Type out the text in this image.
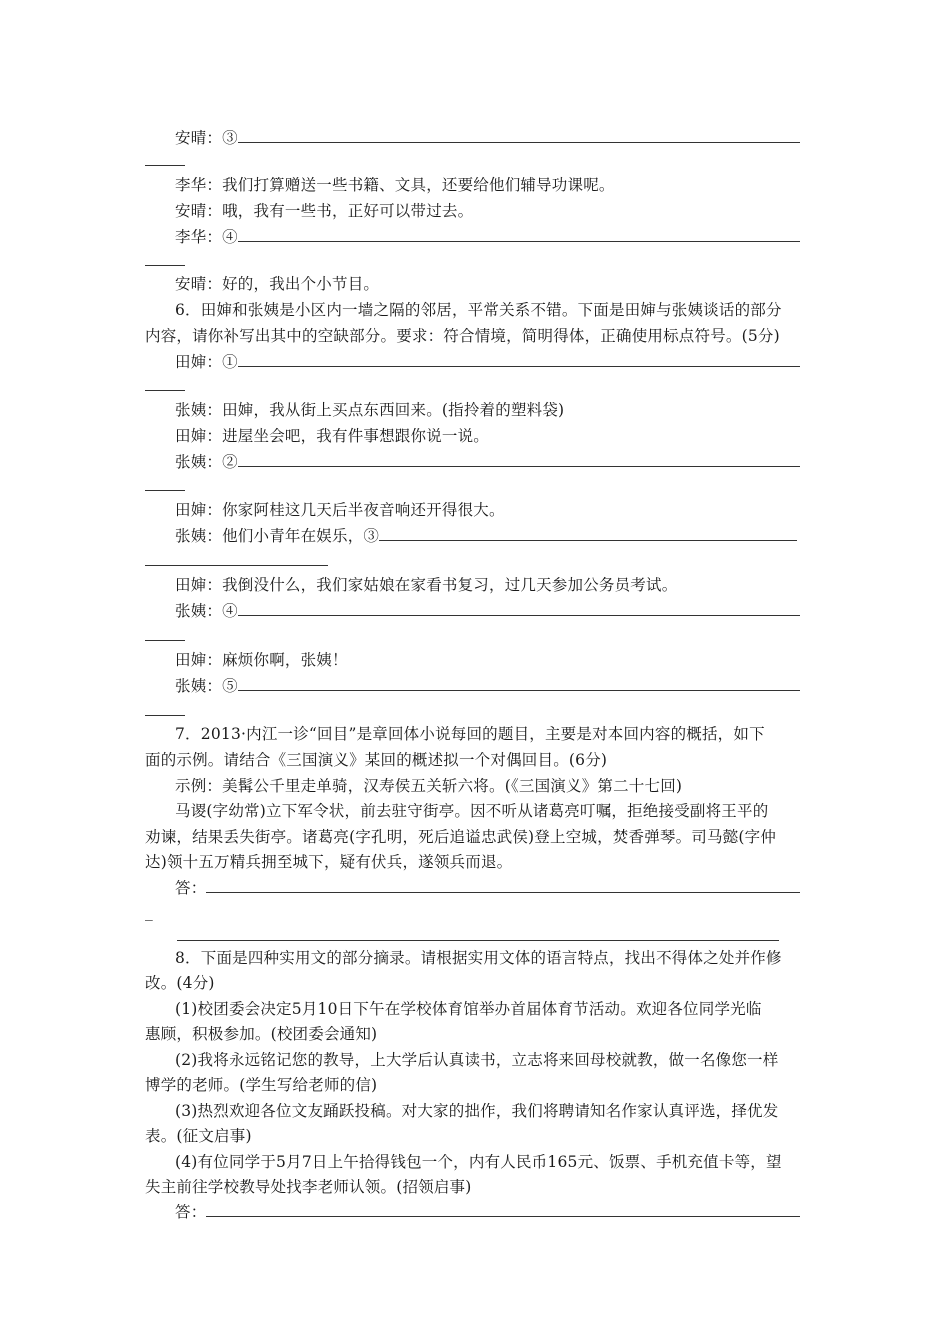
安晴：③
李华：我们打算赠送一些书籍、文具，还要给他们辅导功课呢。
安晴：哦，我有一些书，正好可以带过去。
李华：④
安晴：好的，我出个小节目。
6．田婶和张姨是小区内一墙之隔的邻居，平常关系不错。下面是田婶与张姨谈话的部分
内容，请你补写出其中的空缺部分。要求：符合情境，简明得体，正确使用标点符号。(5分)
田婶：①
张姨：田婶，我从街上买点东西回来。(指拎着的塑料袋)
田婶：进屋坐会吧，我有件事想跟你说一说。
张姨：②
田婶：你家阿桂这几天后半夜音响还开得很大。
张姨：他们小青年在娱乐，③
田婶：我倒没什么，我们家姑娘在家看书复习，过几天参加公务员考试。
张姨：④
田婶：麻烦你啊，张姨！
张姨：⑤
7．2013·内江一诊“回目”是章回体小说每回的题目，主要是对本回内容的概括，如下
面的示例。请结合《三国演义》某回的概述拟一个对偶回目。(6分)
示例：美髯公千里走单骑，汉寿侯五关斩六将。(《三国演义》第二十七回)
马谡(字幼常)立下军令状，前去驻守街亭。因不听从诸葛亮叮嘱，拒绝接受副将王平的
劝谏，结果丢失街亭。诸葛亮(字孔明，死后追谥忠武侯)登上空城，焚香弹琴。司马懿(字仲
达)领十五万精兵拥至城下，疑有伏兵，遂领兵而退。
答：
_
8．下面是四种实用文的部分摘录。请根据实用文体的语言特点，找出不得体之处并作修
改。(4分)
(1)校团委会决定5月10日下午在学校体育馆举办首届体育节活动。欢迎各位同学光临
惠顾，积极参加。(校团委会通知)
(2)我将永远铭记您的教导，上大学后认真读书，立志将来回母校就教，做一名像您一样
博学的老师。(学生写给老师的信)
(3)热烈欢迎各位文友踊跃投稿。对大家的拙作，我们将聘请知名作家认真评选，择优发
表。(征文启事)
(4)有位同学于5月7日上午拾得钱包一个，内有人民币165元、饭票、手机充值卡等，望
失主前往学校教导处找李老师认领。(招领启事)
答：
